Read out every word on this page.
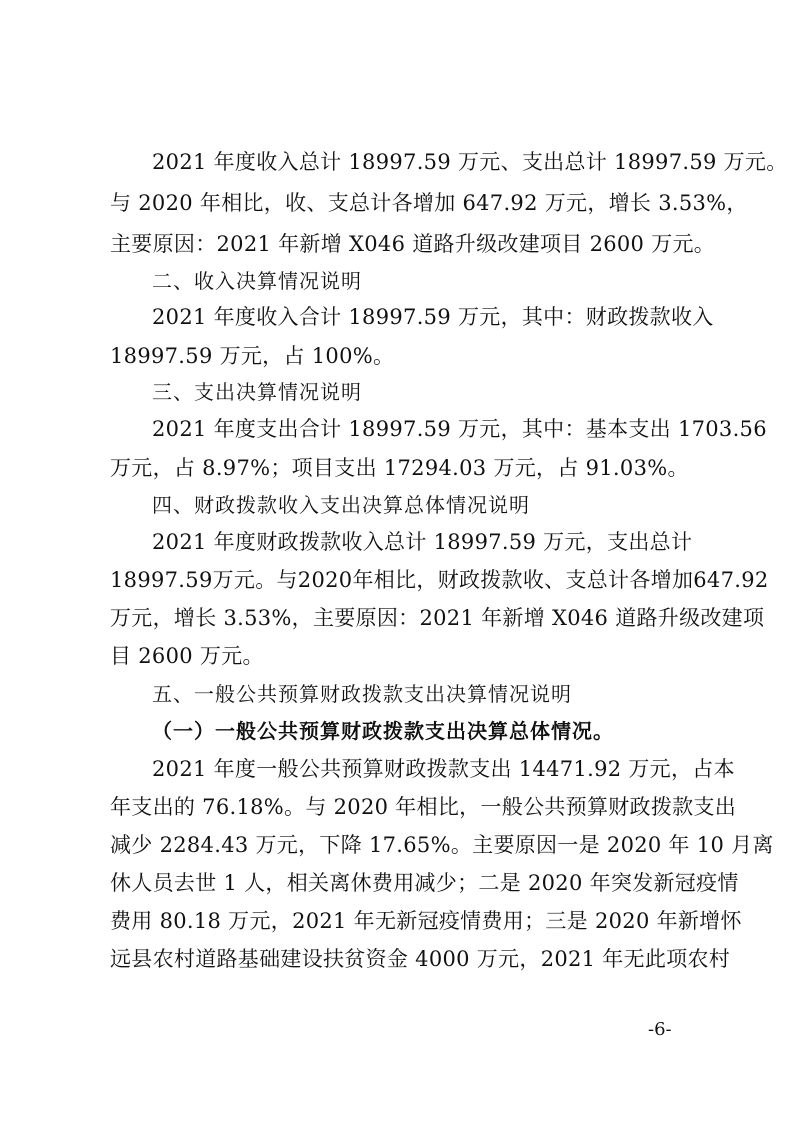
2021 年度收入总计 18997.59 万元、支出总计 18997.59 万元。
与 2020 年相比，收、支总计各增加 647.92 万元，增长 3.53%，
主要原因：2021 年新增 X046 道路升级改建项目 2600 万元。
二、收入决算情况说明
2021 年度收入合计 18997.59 万元，其中：财政拨款收入
18997.59 万元，占 100%。
三、支出决算情况说明
2021 年度支出合计 18997.59 万元，其中：基本支出 1703.56
万元，占 8.97%；项目支出 17294.03 万元，占 91.03%。
四、财政拨款收入支出决算总体情况说明
2021 年度财政拨款收入总计 18997.59 万元，支出总计
18997.59万元。与2020年相比，财政拨款收、支总计各增加647.92
万元，增长 3.53%，主要原因：2021 年新增 X046 道路升级改建项
目 2600 万元。
五、一般公共预算财政拨款支出决算情况说明
（一）一般公共预算财政拨款支出决算总体情况。
2021 年度一般公共预算财政拨款支出 14471.92 万元，占本
年支出的 76.18%。与 2020 年相比，一般公共预算财政拨款支出
减少 2284.43 万元，下降 17.65%。主要原因一是 2020 年 10 月离
休人员去世 1 人，相关离休费用减少；二是 2020 年突发新冠疫情
费用 80.18 万元，2021 年无新冠疫情费用；三是 2020 年新增怀
远县农村道路基础建设扶贫资金 4000 万元，2021 年无此项农村
-6-
